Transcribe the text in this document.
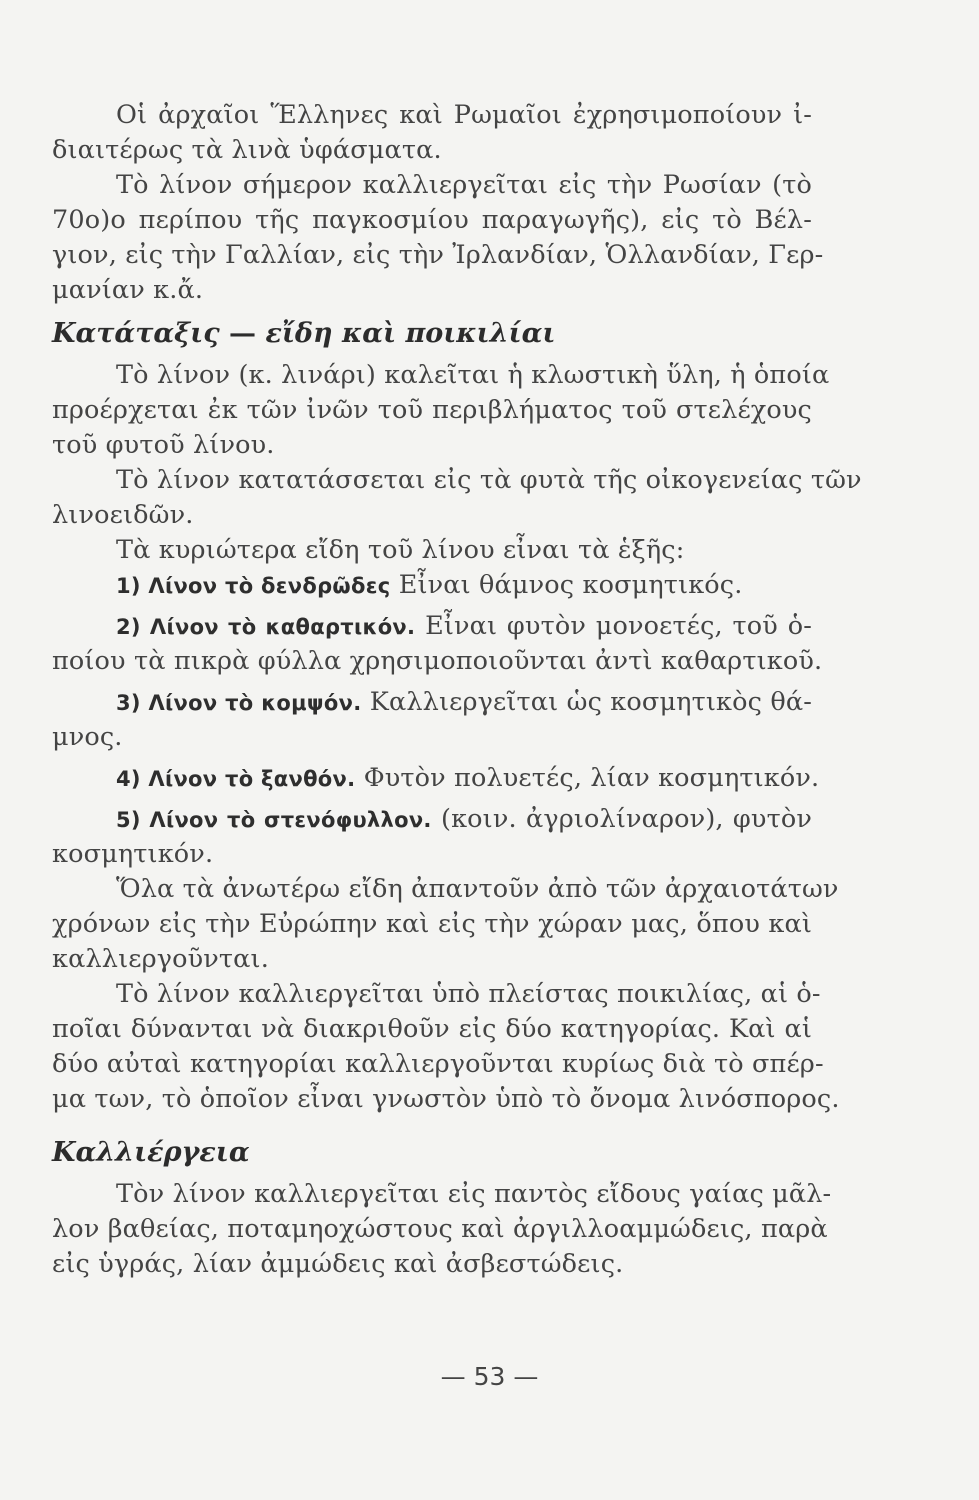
Οἱ ἀρχαῖοι Ἕλληνες καὶ Ρωμαῖοι ἐχρησιμοποίουν ἰ-
διαιτέρως τὰ λινὰ ὑφάσματα.
Τὸ λίνον σήμερον καλλιεργεῖται εἰς τὴν Ρωσίαν (τὸ
70ο)ο περίπου τῆς παγκοσμίου παραγωγῆς), εἰς τὸ Βέλ-
γιον, εἰς τὴν Γαλλίαν, εἰς τὴν Ἰρλανδίαν, Ὁλλανδίαν, Γερ-
μανίαν κ.ἄ.
Κατάταξις — εἴδη καὶ ποικιλίαι
Τὸ λίνον (κ. λινάρι) καλεῖται ἡ κλωστικὴ ὕλη, ἡ ὁποία
προέρχεται ἐκ τῶν ἰνῶν τοῦ περιβλήματος τοῦ στελέχους
τοῦ φυτοῦ λίνου.
Τὸ λίνον κατατάσσεται εἰς τὰ φυτὰ τῆς οἰκογενείας τῶν
λινοειδῶν.
Τὰ κυριώτερα εἴδη τοῦ λίνου εἶναι τὰ ἑξῆς:
1) Λίνον τὸ δενδρῶδες Εἶναι θάμνος κοσμητικός.
2) Λίνον τὸ καθαρτικόν. Εἶναι φυτὸν μονοετές, τοῦ ὁ-
ποίου τὰ πικρὰ φύλλα χρησιμοποιοῦνται ἀντὶ καθαρτικοῦ.
3) Λίνον τὸ κομψόν. Καλλιεργεῖται ὡς κοσμητικὸς θά-
μνος.
4) Λίνον τὸ ξανθόν. Φυτὸν πολυετές, λίαν κοσμητικόν.
5) Λίνον τὸ στενόφυλλον. (κοιν. ἀγριολίναρον), φυτὸν
κοσμητικόν.
Ὅλα τὰ ἀνωτέρω εἴδη ἀπαντοῦν ἀπὸ τῶν ἀρχαιοτάτων
χρόνων εἰς τὴν Εὐρώπην καὶ εἰς τὴν χώραν μας, ὅπου καὶ
καλλιεργοῦνται.
Τὸ λίνον καλλιεργεῖται ὑπὸ πλείστας ποικιλίας, αἱ ὁ-
ποῖαι δύνανται νὰ διακριθοῦν εἰς δύο κατηγορίας. Καὶ αἱ
δύο αὐταὶ κατηγορίαι καλλιεργοῦνται κυρίως διὰ τὸ σπέρ-
μα των, τὸ ὁποῖον εἶναι γνωστὸν ὑπὸ τὸ ὄνομα λινόσπορος.
Καλλιέργεια
Τὸν λίνον καλλιεργεῖται εἰς παντὸς εἴδους γαίας μᾶλ-
λον βαθείας, ποταμηοχώστους καὶ ἀργιλλοαμμώδεις, παρὰ
εἰς ὑγράς, λίαν ἀμμώδεις καὶ ἀσβεστώδεις.
— 53 —
